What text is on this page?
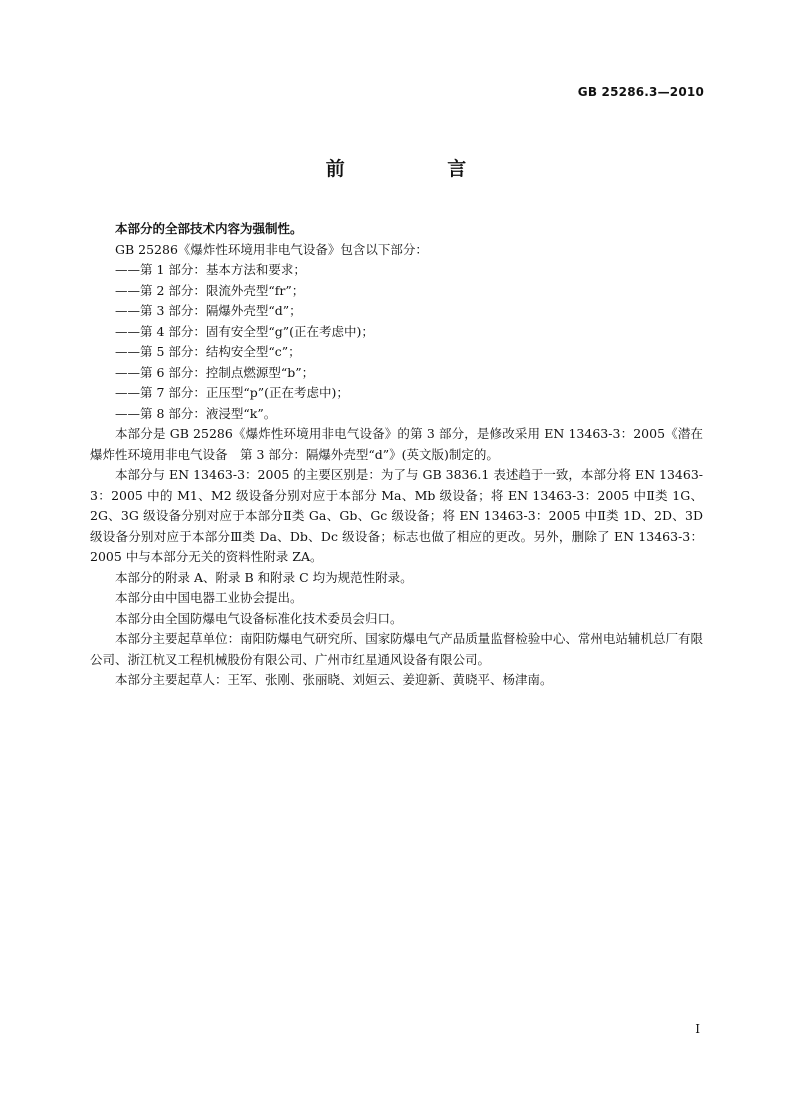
GB 25286.3—2010
前 言

本部分的全部技术内容为强制性。

GB 25286《爆炸性环境用非电气设备》包含以下部分：

——第 1 部分：基本方法和要求；

——第 2 部分：限流外壳型“fr”；

——第 3 部分：隔爆外壳型“d”；

——第 4 部分：固有安全型“g”(正在考虑中)；

——第 5 部分：结构安全型“c”；

——第 6 部分：控制点燃源型“b”；

——第 7 部分：正压型“p”(正在考虑中)；

——第 8 部分：液浸型“k”。

本部分是 GB 25286《爆炸性环境用非电气设备》的第 3 部分，是修改采用 EN 13463-3：2005《潜在爆炸性环境用非电气设备　第 3 部分：隔爆外壳型“d”》(英文版)制定的。

本部分与 EN 13463-3：2005 的主要区别是：为了与 GB 3836.1 表述趋于一致，本部分将 EN 13463-3：2005 中的 M1、M2 级设备分别对应于本部分 Ma、Mb 级设备；将 EN 13463-3：2005 中Ⅱ类 1G、2G、3G 级设备分别对应于本部分Ⅱ类 Ga、Gb、Gc 级设备；将 EN 13463-3：2005 中Ⅱ类 1D、2D、3D 级设备分别对应于本部分Ⅲ类 Da、Db、Dc 级设备；标志也做了相应的更改。另外，删除了 EN 13463-3：2005 中与本部分无关的资料性附录 ZA。

本部分的附录 A、附录 B 和附录 C 均为规范性附录。

本部分由中国电器工业协会提出。

本部分由全国防爆电气设备标准化技术委员会归口。

本部分主要起草单位：南阳防爆电气研究所、国家防爆电气产品质量监督检验中心、常州电站辅机总厂有限公司、浙江杭叉工程机械股份有限公司、广州市红星通风设备有限公司。

本部分主要起草人：王军、张刚、张丽晓、刘姮云、姜迎新、黄晓平、杨津南。

I
